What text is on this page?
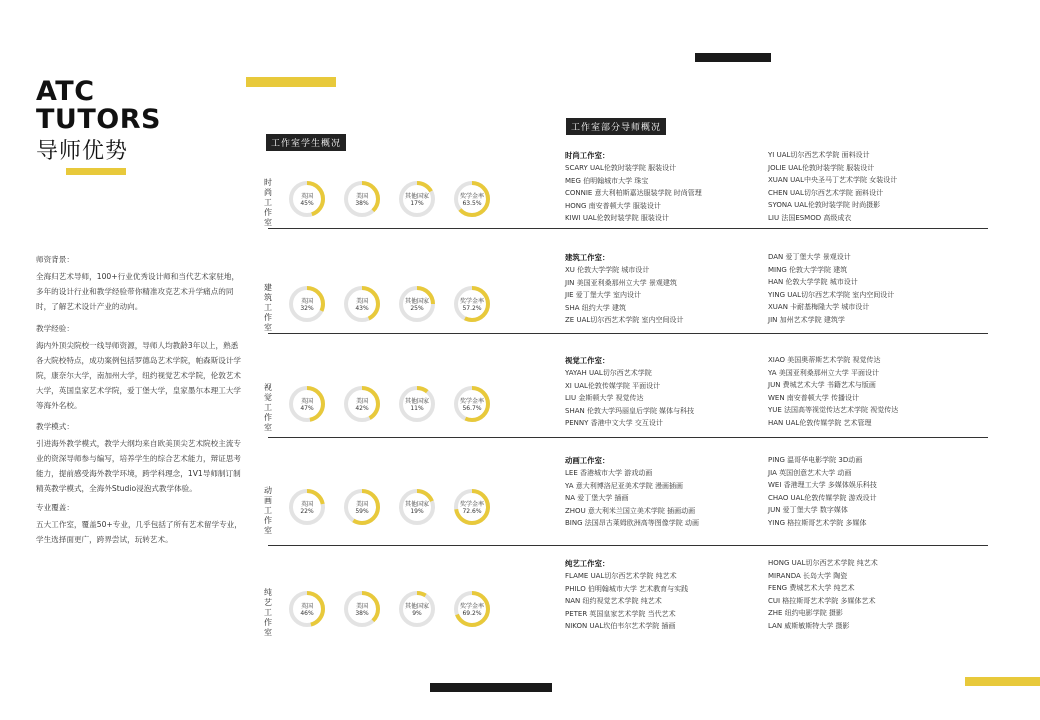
ATC
TUTORS
导师优势
师资背景：
全海归艺术导师，100+行业优秀设计师和当代艺术家驻地，多年的设计行业和教学经验带你精准攻克艺术升学痛点的同时，了解艺术设计产业的动向。
教学经验：
海内外顶尖院校一线导师资源，导师人均教龄3年以上，熟悉各大院校特点，成功案例包括罗德岛艺术学院，帕森斯设计学院，康奈尔大学，南加州大学，纽约视觉艺术学院，伦敦艺术大学，英国皇家艺术学院，爱丁堡大学，皇家墨尔本理工大学等海外名校。
教学模式：
引进海外教学模式，教学大纲均来自欧美顶尖艺术院校主流专业的资深导师参与编写，培养学生的综合艺术能力，辩证思考能力，提前感受海外教学环境，跨学科理念，1V1导师制订制精英教学模式，全海外Studio浸泡式教学体验。
专业覆盖：
五大工作室，覆盖50+专业，几乎包括了所有艺术留学专业，学生选择面更广，跨界尝试，玩转艺术。
工作室学生概况
工作室部分导师概况
时尚工作室
英国
45%
美国
38%
其他国家
17%
奖学金率
63.5%
时尚工作室：
SCARY UAL伦敦时装学院 服装设计
MEG 伯明翰城市大学 珠宝
CONNIE 意大利柏斯嘉达服装学院 时尚管理
HONG 南安普顿大学 服装设计
KIWI UAL伦敦时装学院 服装设计
YI UAL切尔西艺术学院 面料设计
JOLIE UAL伦敦时装学院 服装设计
XUAN UAL中央圣马丁艺术学院 女装设计
CHEN UAL切尔西艺术学院 面料设计
SYONA UAL伦敦时装学院 时尚摄影
LIU 法国ESMOD 高级成衣
建筑工作室
英国
32%
美国
43%
其他国家
25%
奖学金率
57.2%
建筑工作室：
XU 伦敦大学学院 城市设计
JIN 美国亚利桑那州立大学 景观建筑
JIE 爱丁堡大学 室内设计
SHA 纽约大学 建筑
ZE UAL切尔西艺术学院 室内空间设计
DAN 爱丁堡大学 景观设计
MING 伦敦大学学院 建筑
HAN 伦敦大学学院 城市设计
YING UAL切尔西艺术学院 室内空间设计
XUAN 卡耐基梅隆大学 城市设计
JIN 加州艺术学院 建筑学
视觉工作室
英国
47%
美国
42%
其他国家
11%
奖学金率
56.7%
视觉工作室：
YAYAH UAL切尔西艺术学院
XI UAL伦敦传媒学院 平面设计
LIU 金斯顿大学 视觉传达
SHAN 伦敦大学玛丽皇后学院 媒体与科技
PENNY 香港中文大学 交互设计
XIAO 美国奥蒂斯艺术学院 视觉传达
YA 美国亚利桑那州立大学 平面设计
JUN 费城艺术大学 书籍艺术与版画
WEN 南安普顿大学 传播设计
YUE 法国高等视觉传达艺术学院 视觉传达
HAN UAL伦敦传媒学院 艺术管理
动画工作室
英国
22%
美国
59%
其他国家
19%
奖学金率
72.6%
动画工作室：
LEE 香港城市大学 游戏动画
YA 意大利博洛尼亚美术学院 漫画插画
NA 爱丁堡大学 插画
ZHOU 意大利米兰国立美术学院 插画动画
BING 法国昂古莱姆欧洲高等图像学院 动画
PING 温哥华电影学院 3D动画
JIA 英国创意艺术大学 动画
WEI 香港理工大学 多媒体娱乐科技
CHAO UAL伦敦传媒学院 游戏设计
JUN 爱丁堡大学 数字媒体
YING 格拉斯哥艺术学院 多媒体
纯艺工作室
英国
46%
美国
38%
其他国家
9%
奖学金率
69.2%
纯艺工作室：
FLAME UAL切尔西艺术学院 纯艺术
PHILO 伯明翰城市大学 艺术教育与实践
NAN 纽约视觉艺术学院 纯艺术
PETER 英国皇家艺术学院 当代艺术
NIKON UAL坎伯韦尔艺术学院 插画
HONG UAL切尔西艺术学院 纯艺术
MIRANDA 长岛大学 陶瓷
FENG 费城艺术大学 纯艺术
CUI 格拉斯哥艺术学院 多媒体艺术
ZHE 纽约电影学院 摄影
LAN 威斯敏斯特大学 摄影
